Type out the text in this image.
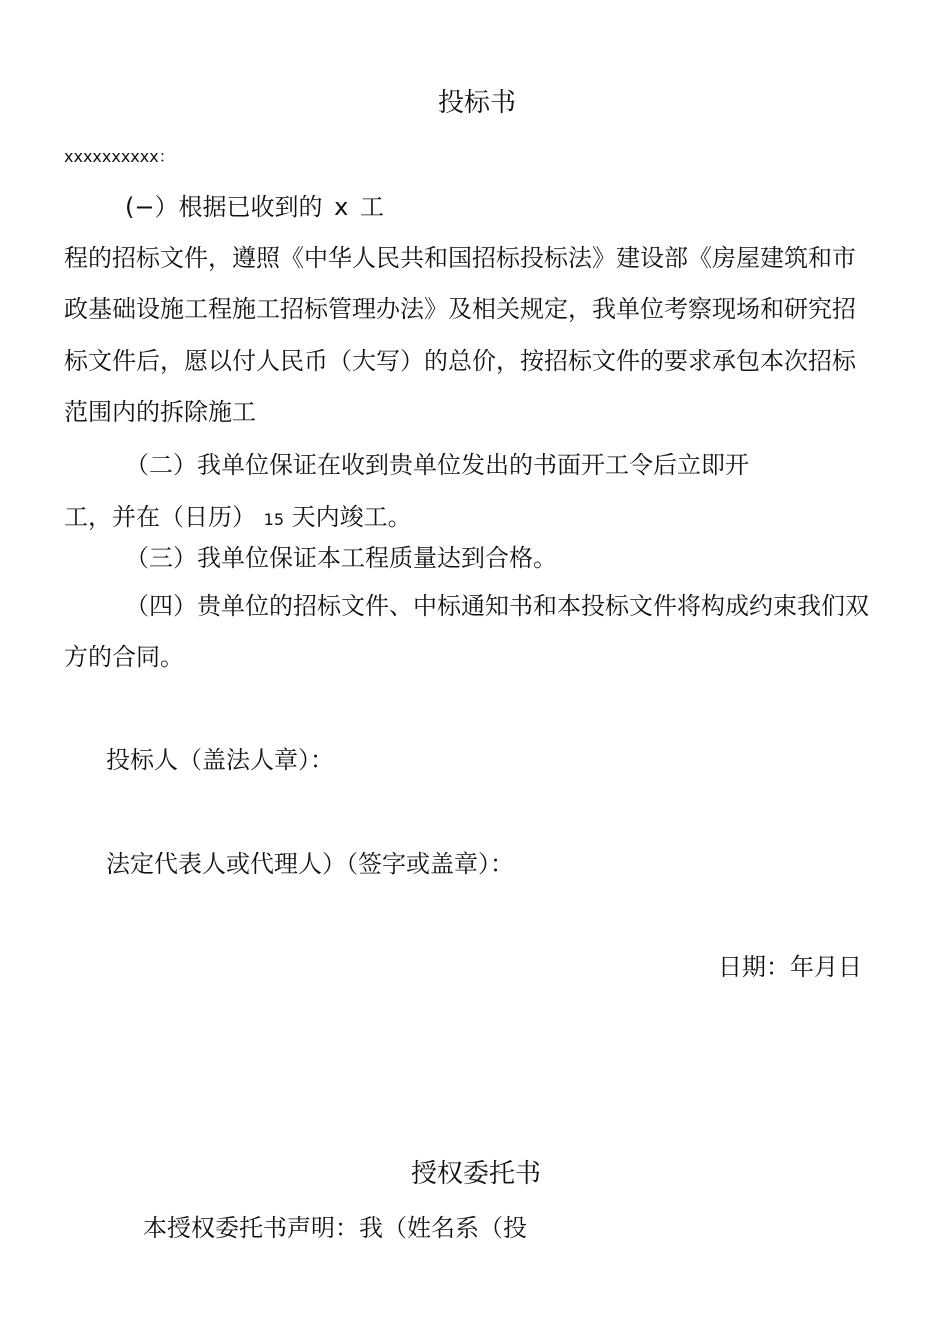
投标书
xxxxxxxxxx：
(−）根据已收到的 x 工
程的招标文件，遵照《中华人民共和国招标投标法》建设部《房屋建筑和市
政基础设施工程施工招标管理办法》及相关规定，我单位考察现场和研究招
标文件后，愿以付人民币（大写）的总价，按招标文件的要求承包本次招标
范围内的拆除施工
（二）我单位保证在收到贵单位发出的书面开工令后立即开
工，并在（日历） 15 天内竣工。
（三）我单位保证本工程质量达到合格。
（四）贵单位的招标文件、中标通知书和本投标文件将构成约束我们双
方的合同。
投标人（盖法人章）：
法定代表人或代理人）（签字或盖章）：
日期：年月日
授权委托书
本授权委托书声明：我（姓名系（投
